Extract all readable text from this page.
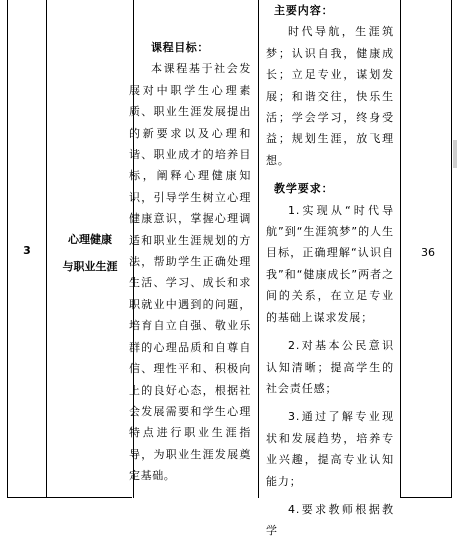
3
心理健康
与职业生涯
课程目标：
本课程基于社会发展对中职学生心理素质、职业生涯发展提出的新要求以及心理和谐、职业成才的培养目标，阐释心理健康知识，引导学生树立心理健康意识，掌握心理调适和职业生涯规划的方法，帮助学生正确处理生活、学习、成长和求职就业中遇到的问题，培育自立自强、敬业乐群的心理品质和自尊自信、理性平和、积极向上的良好心态，根据社会发展需要和学生心理特点进行职业生涯指导，为职业生涯发展奠定基础。
主要内容：
时代导航，生涯筑梦；认识自我，健康成长；立足专业，谋划发展；和谐交往，快乐生活；学会学习，终身受益；规划生涯，放飞理想。
教学要求：
1.实现从“时代导航”到“生涯筑梦”的人生目标，正确理解“认识自我”和“健康成长”两者之间的关系，在立足专业的基础上谋求发展；
2.对基本公民意识认知清晰；提高学生的社会责任感；
3.通过了解专业现状和发展趋势，培养专业兴趣，提高专业认知能力；
4.要求教师根据教学
36
